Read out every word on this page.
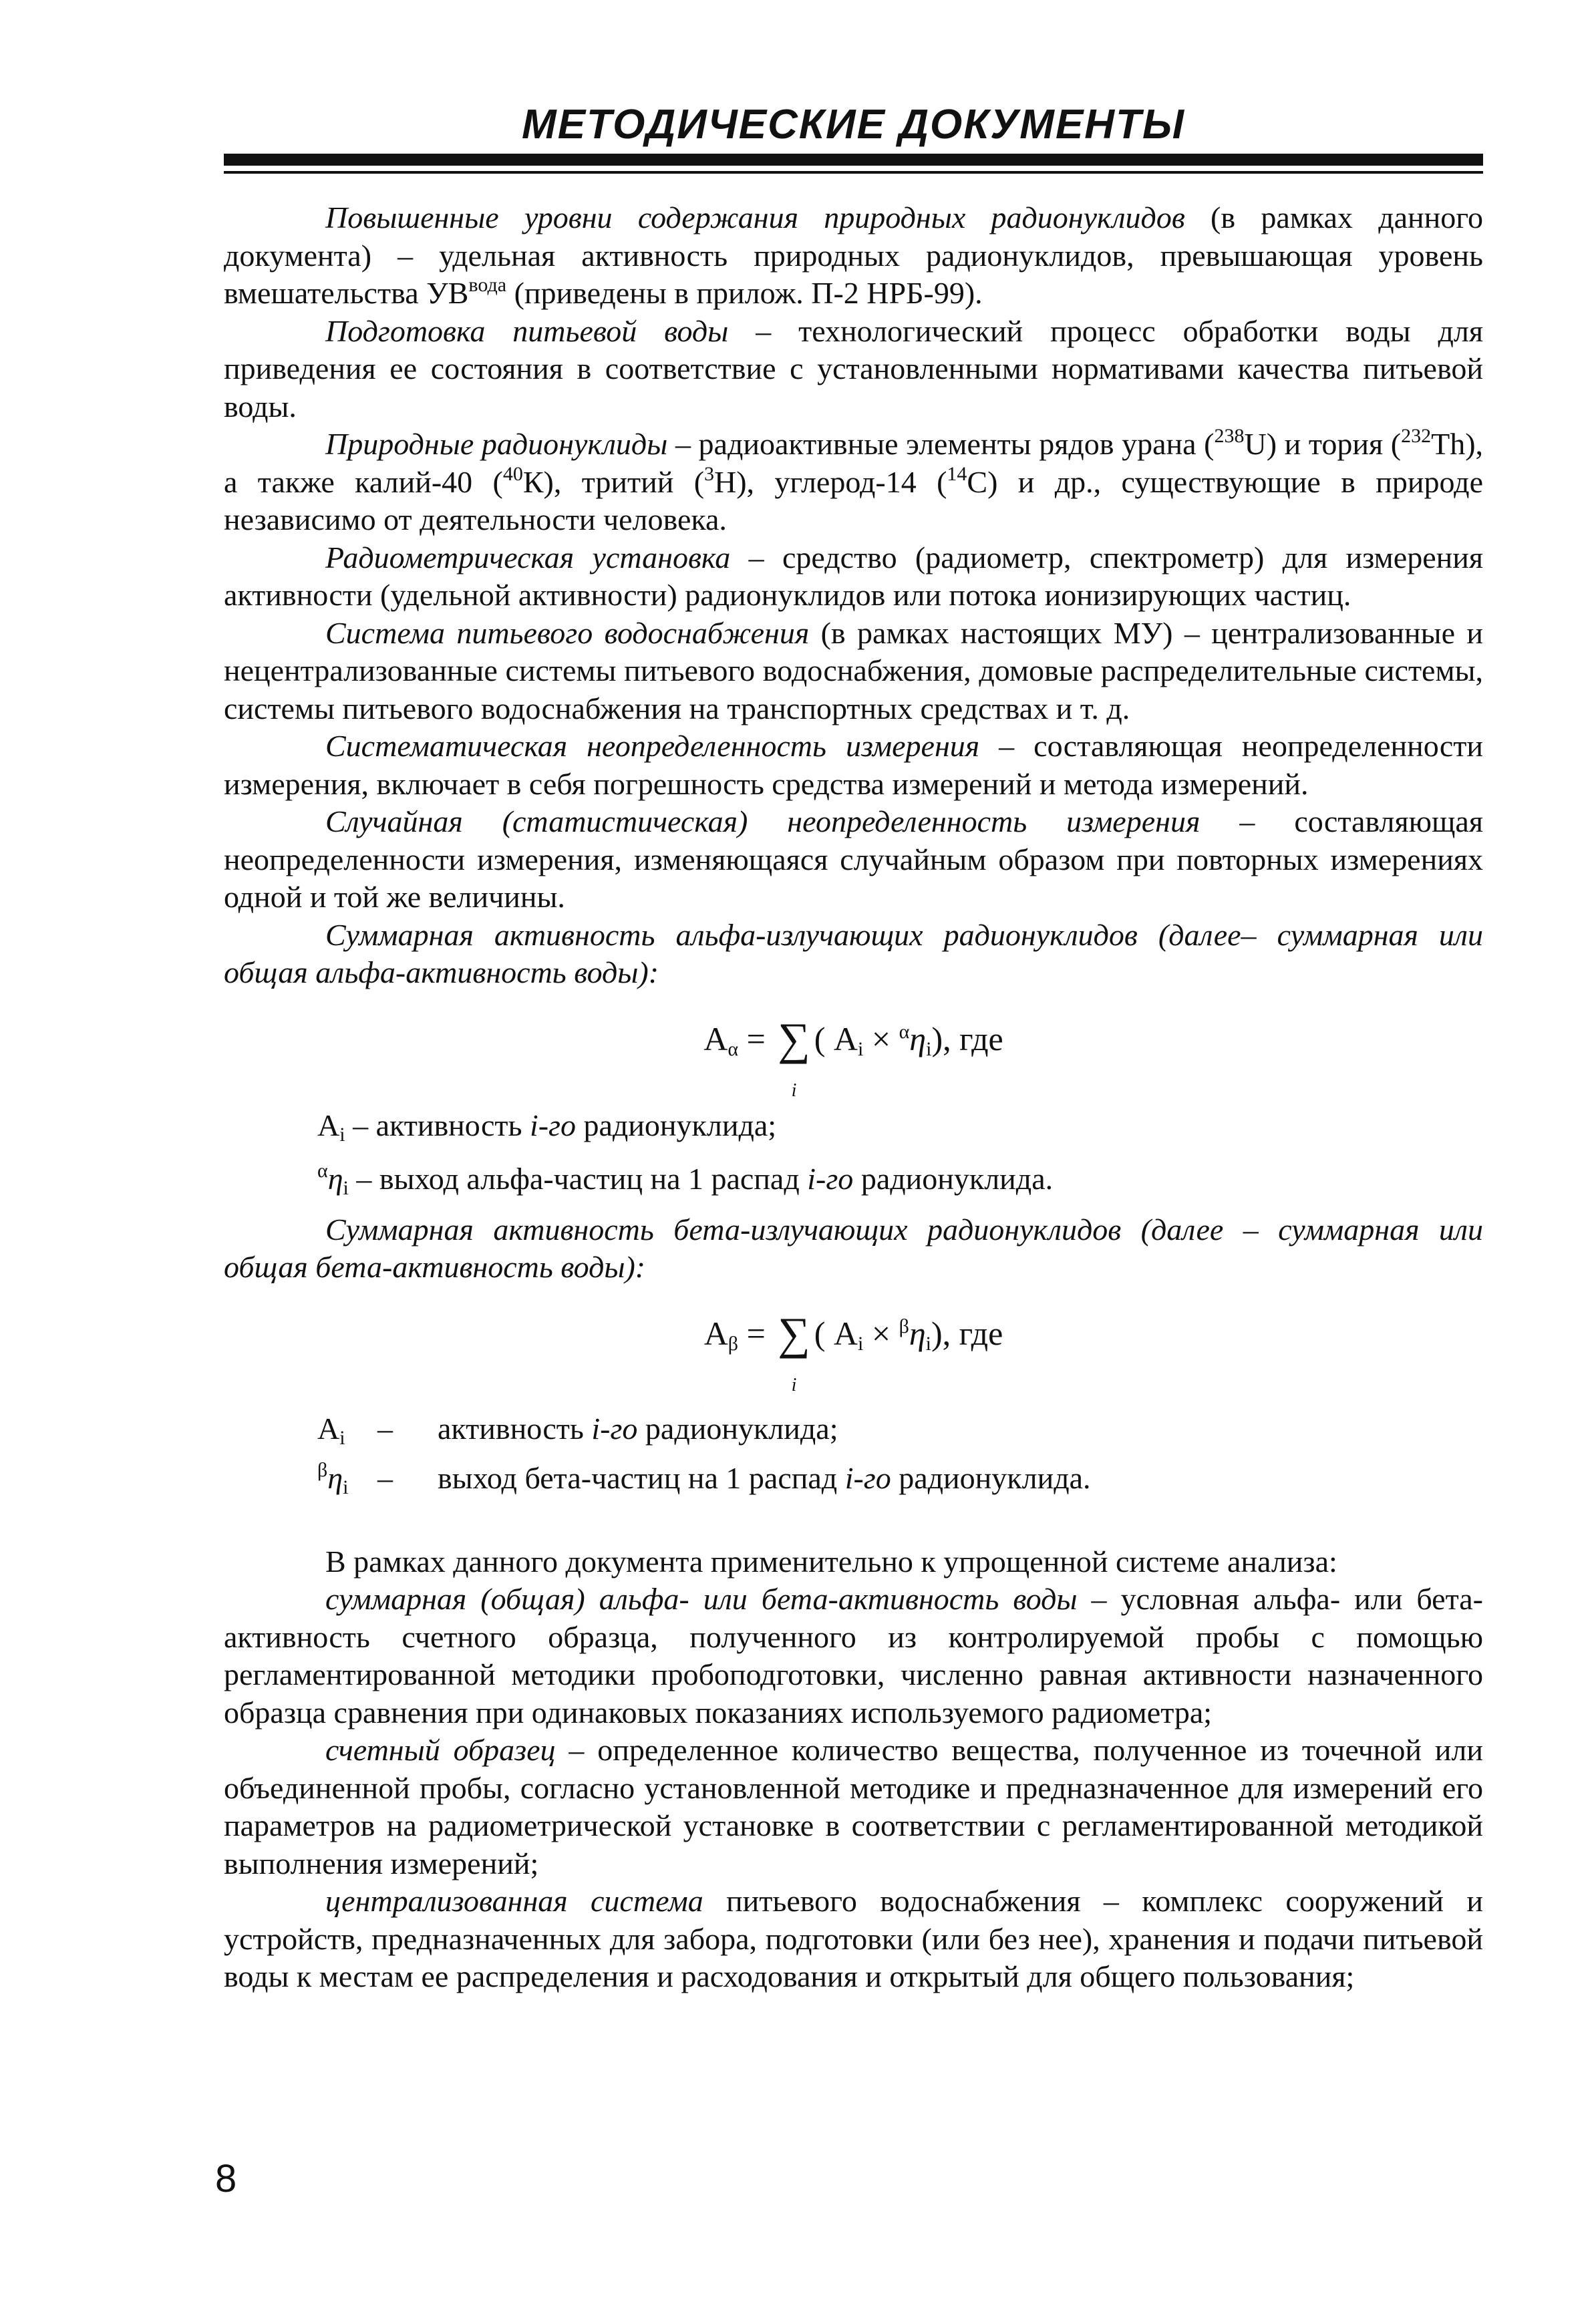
МЕТОДИЧЕСКИЕ ДОКУМЕНТЫ

Повышенные уровни содержания природных радионуклидов (в рамках данного документа) – удельная активность природных радионуклидов, превышающая уровень вмешательства $УВ^{вода}$ (приведены в прилож. П-2 НРБ-99).

Подготовка питьевой воды – технологический процесс обработки воды для приведения ее состояния в соответствие с установленными нормативами качества питьевой воды.

Природные радионуклиды – радиоактивные элементы рядов урана ($^{238}$U) и тория ($^{232}$Th), а также калий-40 ($^{40}$К), тритий ($^3$H), углерод-14 ($^{14}$С) и др., существующие в природе независимо от деятельности человека.

Радиометрическая установка – средство (радиометр, спектрометр) для измерения активности (удельной активности) радионуклидов или потока ионизирующих частиц.

Система питьевого водоснабжения (в рамках настоящих МУ) – централизованные и нецентрализованные системы питьевого водоснабжения, домовые распределительные системы, системы питьевого водоснабжения на транспортных средствах и т. д.

Систематическая неопределенность измерения – составляющая неопределенности измерения, включает в себя погрешность средства измерений и метода измерений.

Случайная (статистическая) неопределенность измерения – составляющая неопределенности измерения, изменяющаяся случайным образом при повторных измерениях одной и той же величины.

Суммарная активность альфа-излучающих радионуклидов (далее– суммарная или общая альфа-активность воды):

$A_\alpha$ = ∑
i
( $A_i \times ^\alpha\eta_i$), где
$A_i$ – активность i-го радионуклида;
$^\alpha\eta_i$ – выход альфа-частиц на 1 распад i-го радионуклида.

Суммарная активность бета-излучающих радионуклидов (далее – суммарная или общая бета-активность воды):

$A_\beta$ = ∑
i
( $A_i \times ^\beta\eta_i$), где
$A_i$	–	активность i-го радионуклида;
$^\beta\eta_i$ –	выход бета-частиц на 1 распад i-го радионуклида.

В рамках данного документа применительно к упрощенной системе анализа:

суммарная (общая) альфа- или бета-активность воды – условная альфа- или бета-активность счетного образца, полученного из контролируемой пробы с помощью регламентированной методики пробоподготовки, численно равная активности назначенного образца сравнения при одинаковых показаниях используемого радиометра;

счетный образец – определенное количество вещества, полученное из точечной или объединенной пробы, согласно установленной методике и предназначенное для измерений его параметров на радиометрической установке в соответствии с регламентированной методикой выполнения измерений;

централизованная система питьевого водоснабжения – комплекс сооружений и устройств, предназначенных для забора, подготовки (или без нее), хранения и подачи питьевой воды к местам ее распределения и расходования и открытый для общего пользования;

8
